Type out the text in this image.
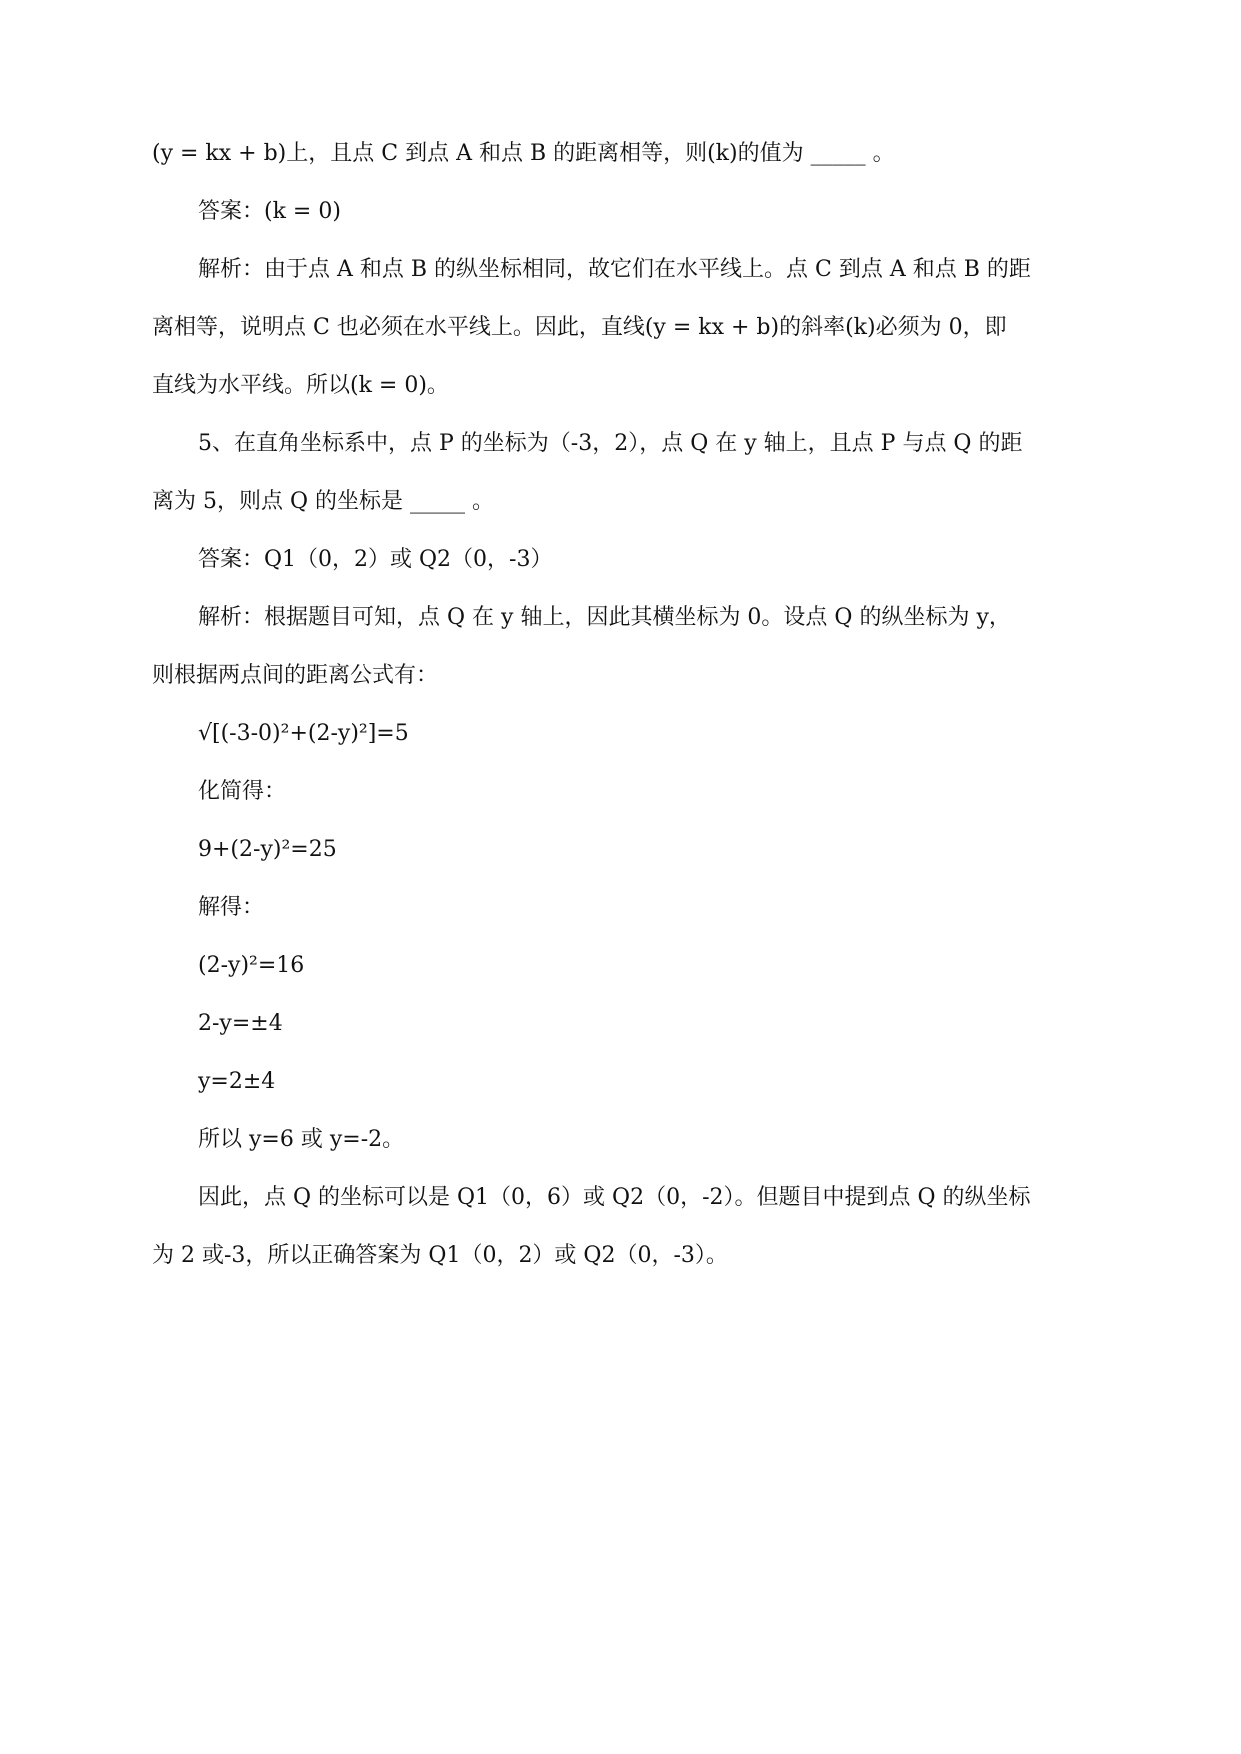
(y = kx + b)上，且点 C 到点 A 和点 B 的距离相等，则(k)的值为 _____ 。
答案：(k = 0)
解析：由于点 A 和点 B 的纵坐标相同，故它们在水平线上。点 C 到点 A 和点 B 的距
离相等，说明点 C 也必须在水平线上。因此，直线(y = kx + b)的斜率(k)必须为 0，即
直线为水平线。所以(k = 0)。
5、在直角坐标系中，点 P 的坐标为（-3，2），点 Q 在 y 轴上，且点 P 与点 Q 的距
离为 5，则点 Q 的坐标是 _____ 。
答案：Q1（0，2）或 Q2（0，-3）
解析：根据题目可知，点 Q 在 y 轴上，因此其横坐标为 0。设点 Q 的纵坐标为 y，
则根据两点间的距离公式有：
√[(-3-0)²+(2-y)²]=5
化简得：
9+(2-y)²=25
解得：
(2-y)²=16
2-y=±4
y=2±4
所以 y=6 或 y=-2。
因此，点 Q 的坐标可以是 Q1（0，6）或 Q2（0，-2）。但题目中提到点 Q 的纵坐标
为 2 或-3，所以正确答案为 Q1（0，2）或 Q2（0，-3）。
